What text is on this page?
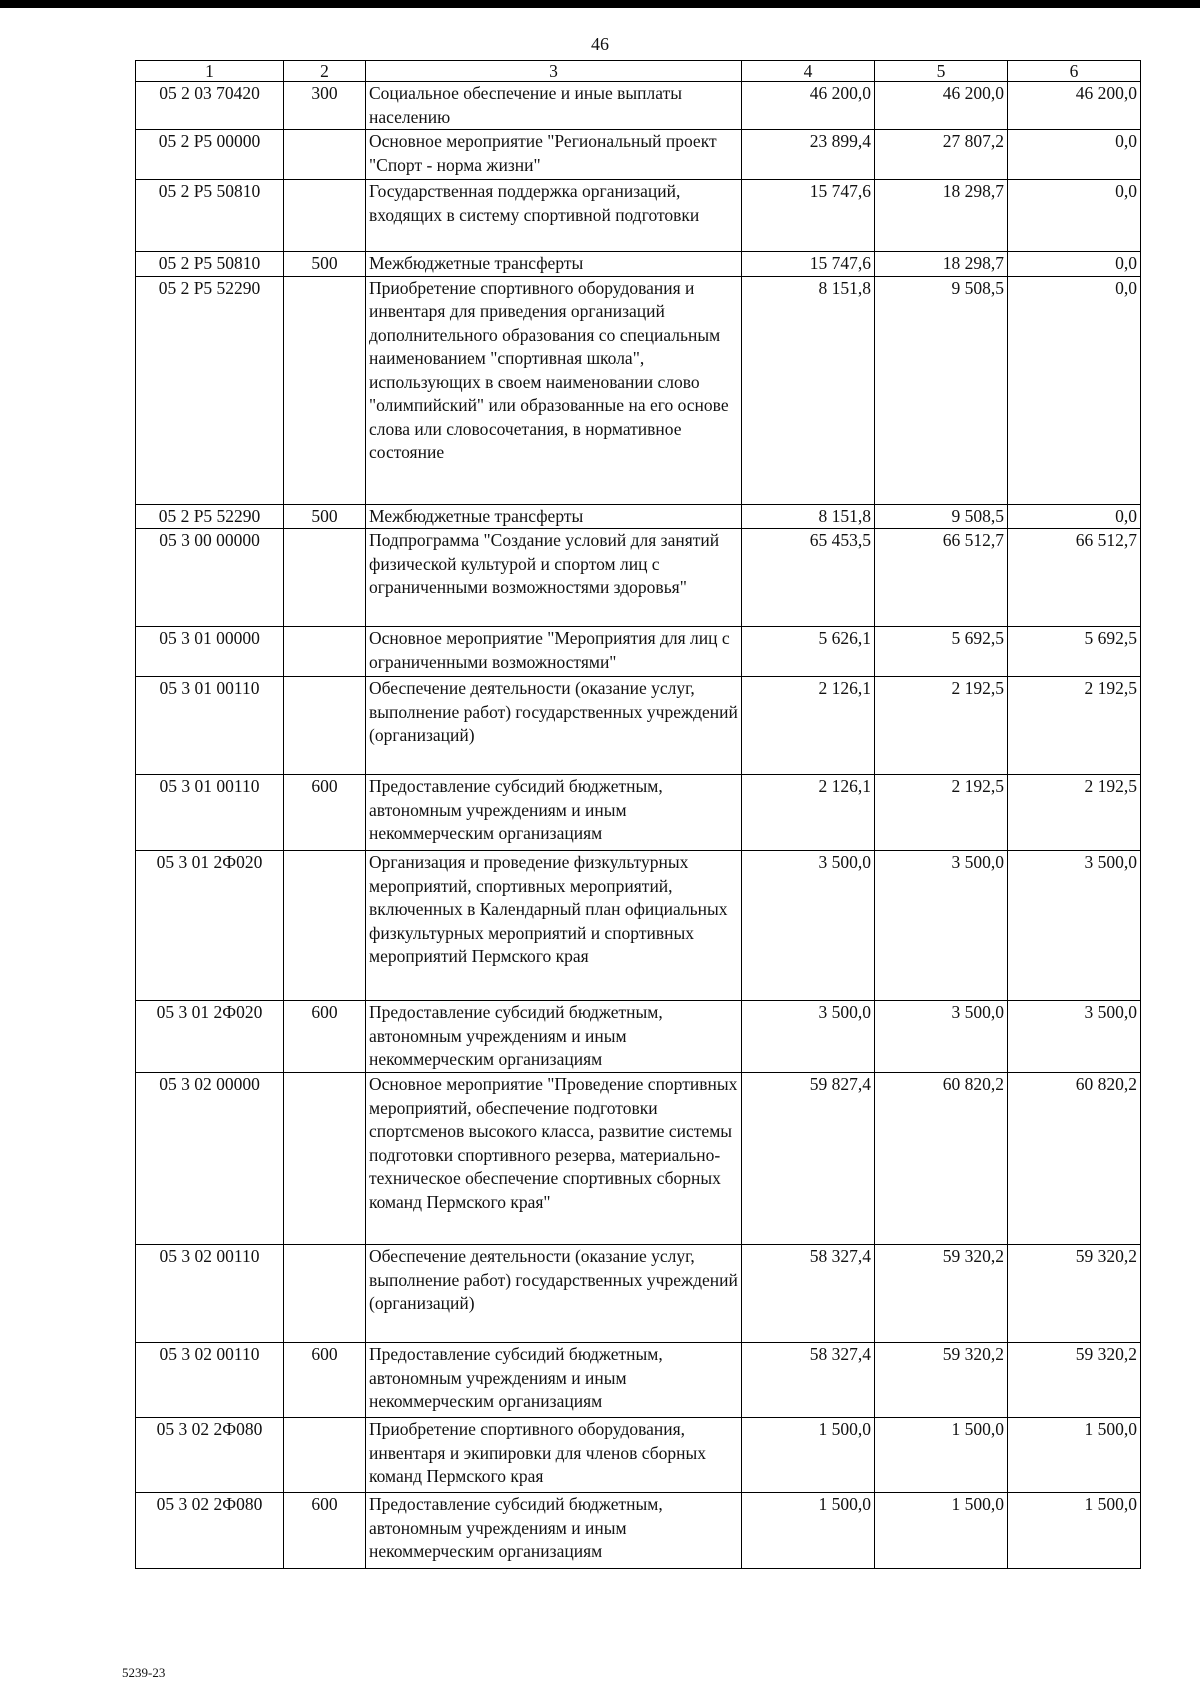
46
1	2	3	4	5	6
05 2 03 70420	300	Социальное обеспечение и иные выплаты населению	46 200,0	46 200,0	46 200,0
05 2 P5 00000		Основное мероприятие "Региональный проект "Спорт - норма жизни"	23 899,4	27 807,2	0,0
05 2 P5 50810		Государственная поддержка организаций, входящих в систему спортивной подготовки	15 747,6	18 298,7	0,0
05 2 P5 50810	500	Межбюджетные трансферты	15 747,6	18 298,7	0,0
05 2 P5 52290		Приобретение спортивного оборудования и инвентаря для приведения организаций дополнительного образования со специальным наименованием "спортивная школа", использующих в своем наименовании слово "олимпийский" или образованные на его основе слова или словосочетания, в нормативное состояние	8 151,8	9 508,5	0,0
05 2 P5 52290	500	Межбюджетные трансферты	8 151,8	9 508,5	0,0
05 3 00 00000		Подпрограмма "Создание условий для занятий физической культурой и спортом лиц с ограниченными возможностями здоровья"	65 453,5	66 512,7	66 512,7
05 3 01 00000		Основное мероприятие "Мероприятия для лиц с ограниченными возможностями"	5 626,1	5 692,5	5 692,5
05 3 01 00110		Обеспечение деятельности (оказание услуг, выполнение работ) государственных учреждений (организаций)	2 126,1	2 192,5	2 192,5
05 3 01 00110	600	Предоставление субсидий бюджетным, автономным учреждениям и иным некоммерческим организациям	2 126,1	2 192,5	2 192,5
05 3 01 2Ф020		Организация и проведение физкультурных мероприятий, спортивных мероприятий, включенных в Календарный план официальных физкультурных мероприятий и спортивных мероприятий Пермского края	3 500,0	3 500,0	3 500,0
05 3 01 2Ф020	600	Предоставление субсидий бюджетным, автономным учреждениям и иным некоммерческим организациям	3 500,0	3 500,0	3 500,0
05 3 02 00000		Основное мероприятие "Проведение спортивных мероприятий, обеспечение подготовки спортсменов высокого класса, развитие системы подготовки спортивного резерва, материально-техническое обеспечение спортивных сборных команд Пермского края"	59 827,4	60 820,2	60 820,2
05 3 02 00110		Обеспечение деятельности (оказание услуг, выполнение работ) государственных учреждений (организаций)	58 327,4	59 320,2	59 320,2
05 3 02 00110	600	Предоставление субсидий бюджетным, автономным учреждениям и иным некоммерческим организациям	58 327,4	59 320,2	59 320,2
05 3 02 2Ф080		Приобретение спортивного оборудования, инвентаря и экипировки для членов сборных команд Пермского края	1 500,0	1 500,0	1 500,0
05 3 02 2Ф080	600	Предоставление субсидий бюджетным, автономным учреждениям и иным некоммерческим организациям	1 500,0	1 500,0	1 500,0
5239-23
